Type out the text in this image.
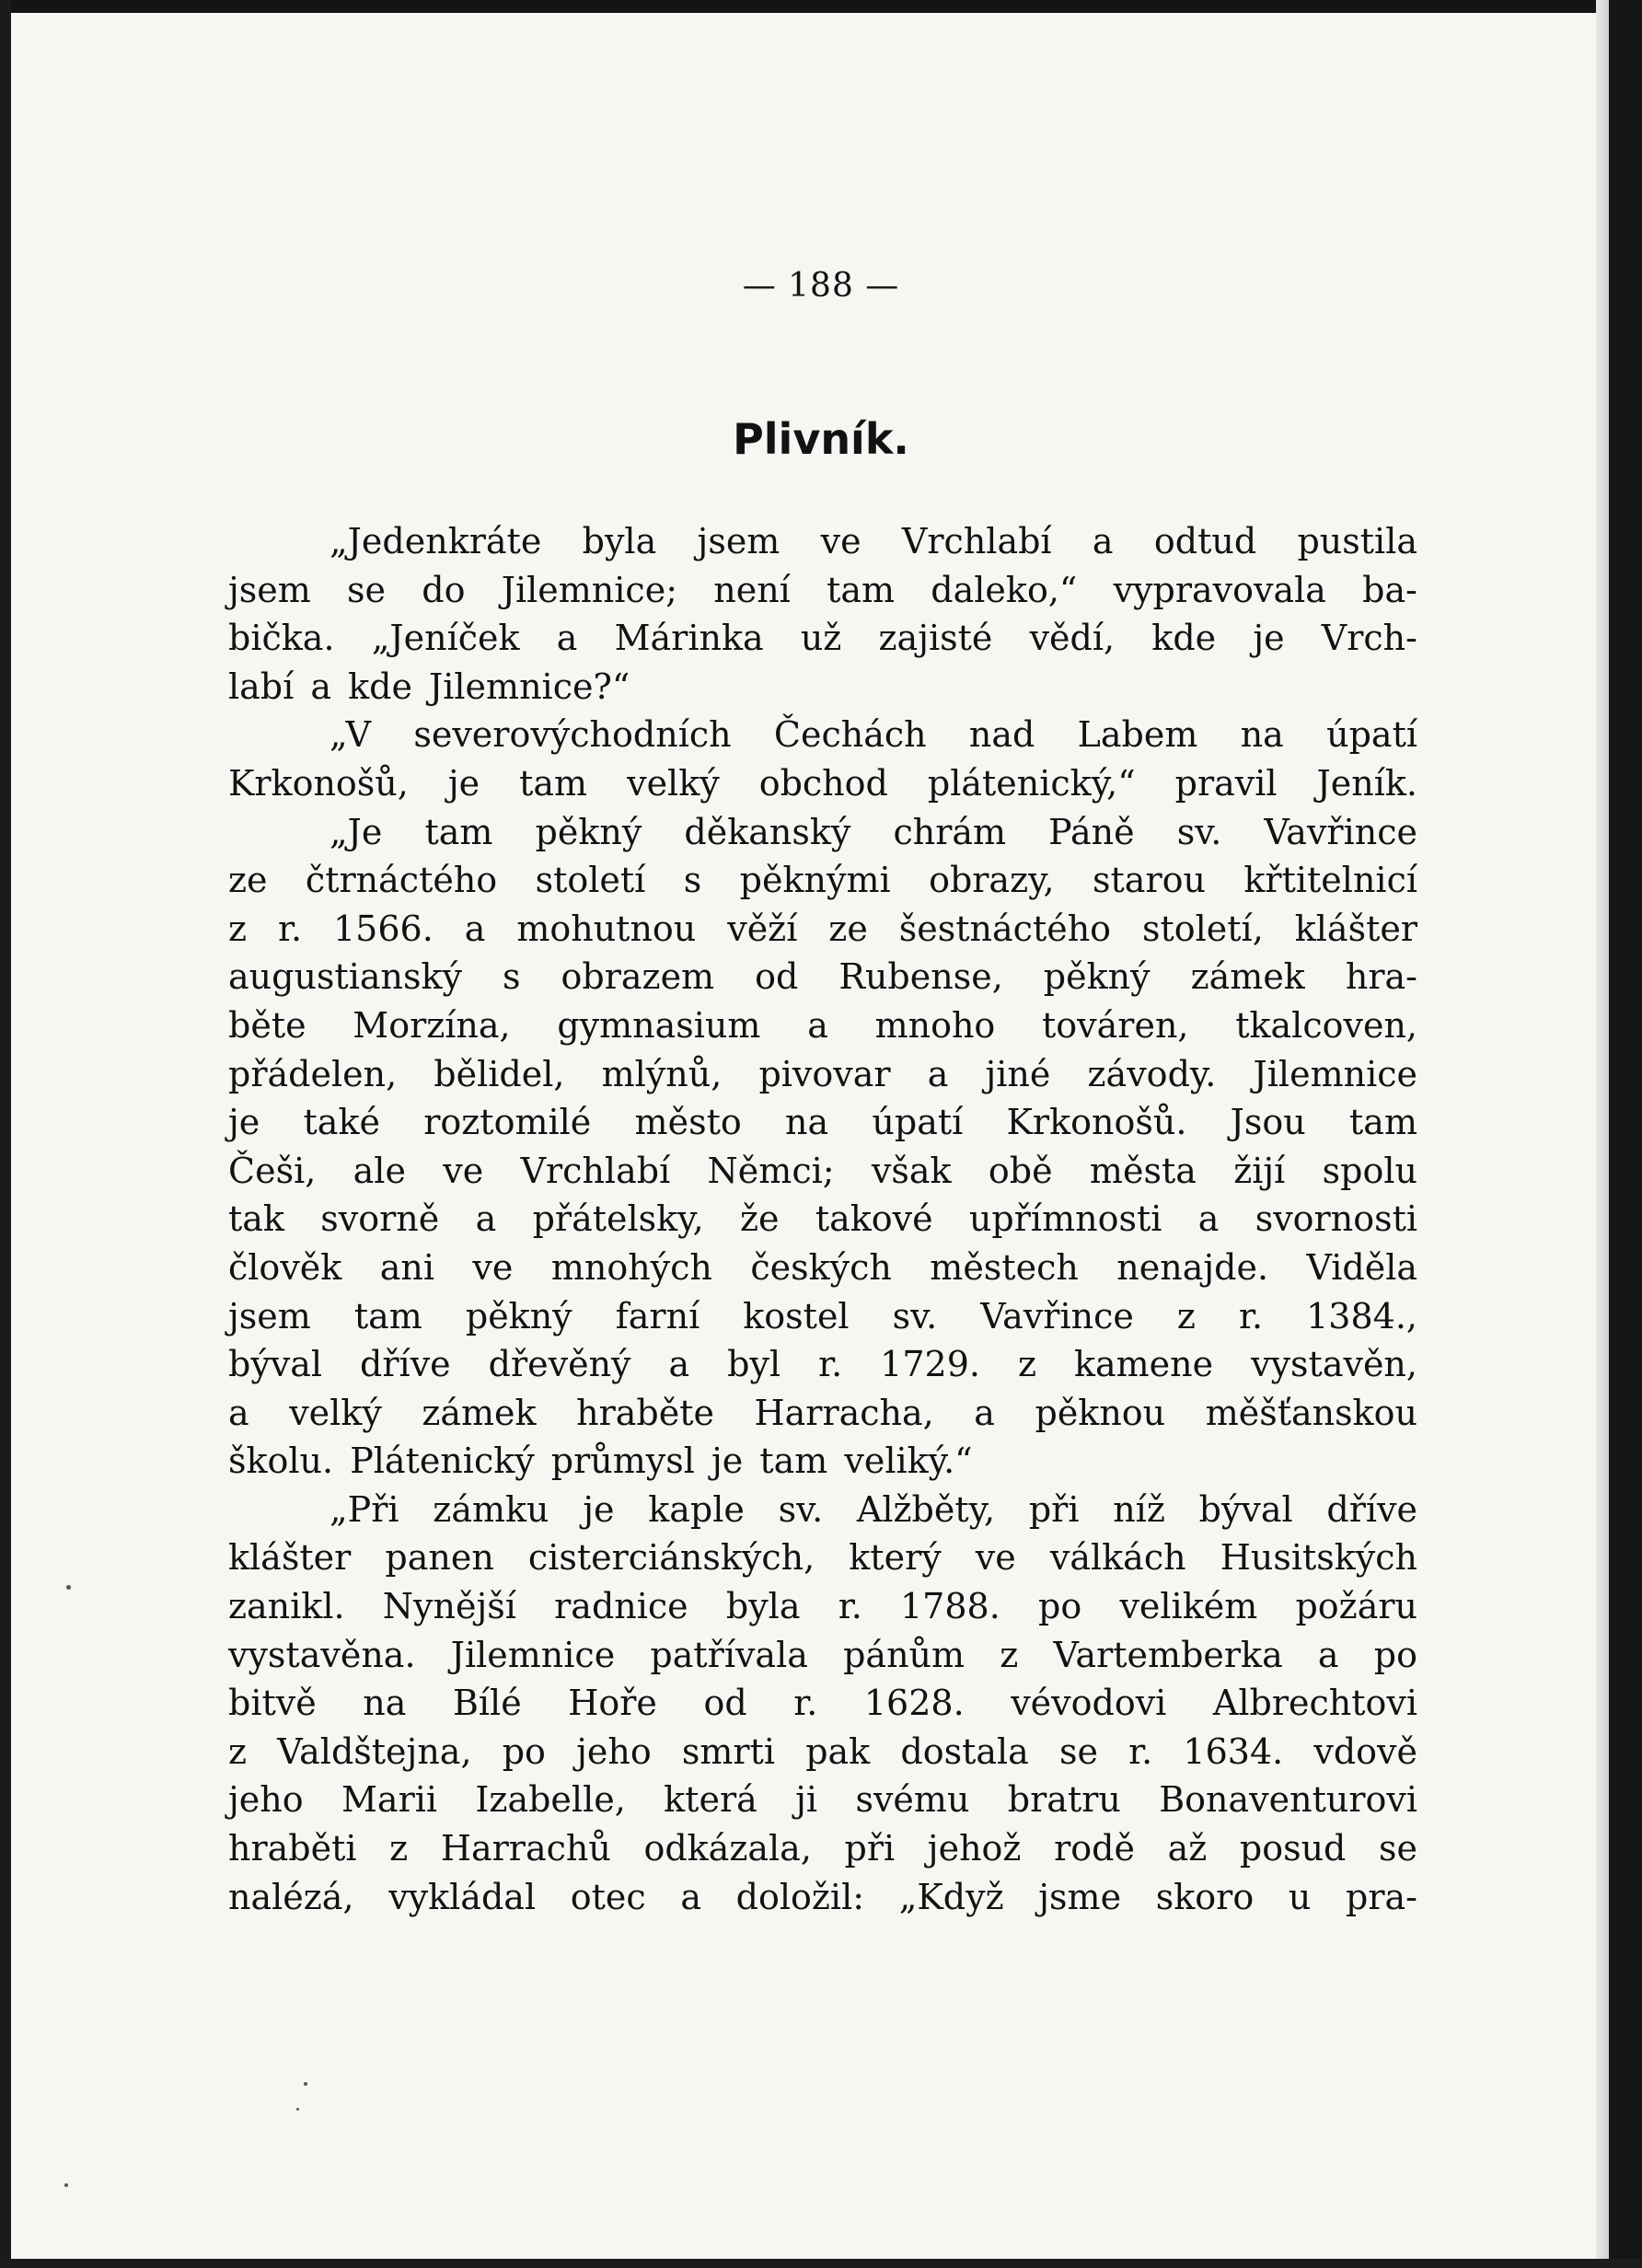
— 188 —
Plivník.
„Jedenkráte byla jsem ve Vrchlabí a odtud pustila
jsem se do Jilemnice; není tam daleko,“ vypravovala ba-
bička. „Jeníček a Márinka už zajisté vědí, kde je Vrch-
labí a kde Jilemnice?“
„V severovýchodních Čechách nad Labem na úpatí
Krkonošů, je tam velký obchod plátenický,“ pravil Jeník.
„Je tam pěkný děkanský chrám Páně sv. Vavřince
ze čtrnáctého století s pěknými obrazy, starou křtitelnicí
z r. 1566. a mohutnou věží ze šestnáctého století, klášter
augustianský s obrazem od Rubense, pěkný zámek hra-
běte Morzína, gymnasium a mnoho továren, tkalcoven,
přádelen, bělidel, mlýnů, pivovar a jiné závody. Jilemnice
je také roztomilé město na úpatí Krkonošů. Jsou tam
Češi, ale ve Vrchlabí Němci; však obě města žijí spolu
tak svorně a přátelsky, že takové upřímnosti a svornosti
člověk ani ve mnohých českých městech nenajde. Viděla
jsem tam pěkný farní kostel sv. Vavřince z r. 1384.,
býval dříve dřevěný a byl r. 1729. z kamene vystavěn,
a velký zámek hraběte Harracha, a pěknou měšťanskou
školu. Plátenický průmysl je tam veliký.“
„Při zámku je kaple sv. Alžběty, při níž býval dříve
klášter panen cisterciánských, který ve válkách Husitských
zanikl. Nynější radnice byla r. 1788. po velikém požáru
vystavěna. Jilemnice patřívala pánům z Vartemberka a po
bitvě na Bílé Hoře od r. 1628. vévodovi Albrechtovi
z Valdštejna, po jeho smrti pak dostala se r. 1634. vdově
jeho Marii Izabelle, která ji svému bratru Bonaventurovi
hraběti z Harrachů odkázala, při jehož rodě až posud se
nalézá, vykládal otec a doložil: „Když jsme skoro u pra-
